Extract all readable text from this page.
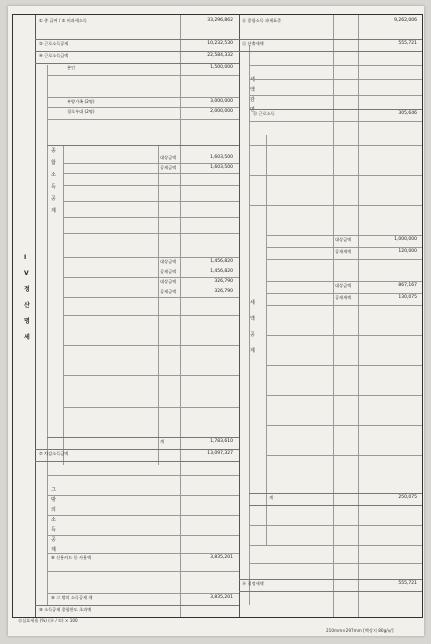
IV 정 산 명 세
종합소득공제
그 밖의 소득공제
세액감면
세액공제
① 총 급여 / ② 비과세소득
③ 근로소득공제
④ 근로소득금액
본인
부양가족 (2명)
경로우대 (2명)
대상금액
공제금액
대상금액
공제금액
대상금액
공제금액
계
⑦ 차감소득금액
⑧ 신용카드 등 사용액
⑨ 그 밖의 소득공제 계
⑩ 소득공제 종합한도 초과액
33,296,862
10,232,530
22,584,332
1,500,000
3,000,000
2,000,000
1,603,500
1,603,500
1,456,820
1,456,820
326,790
326,790
1,783,610
13,097,327
3,835,201
3,835,201
⑪ 종합소득 과세표준
⑫ 산출세액
⑬ 근로소득
대상금액
공제세액
대상금액
공제세액
계
⑭ 결정세액
9,262,006
555,721
305,646
1,000,000
120,000
867,167
130,075
250,075
555,721
⑮실효세율 (%) (⑭ / ①) × 100
210mm×297mm [백상지 80g/㎡]
